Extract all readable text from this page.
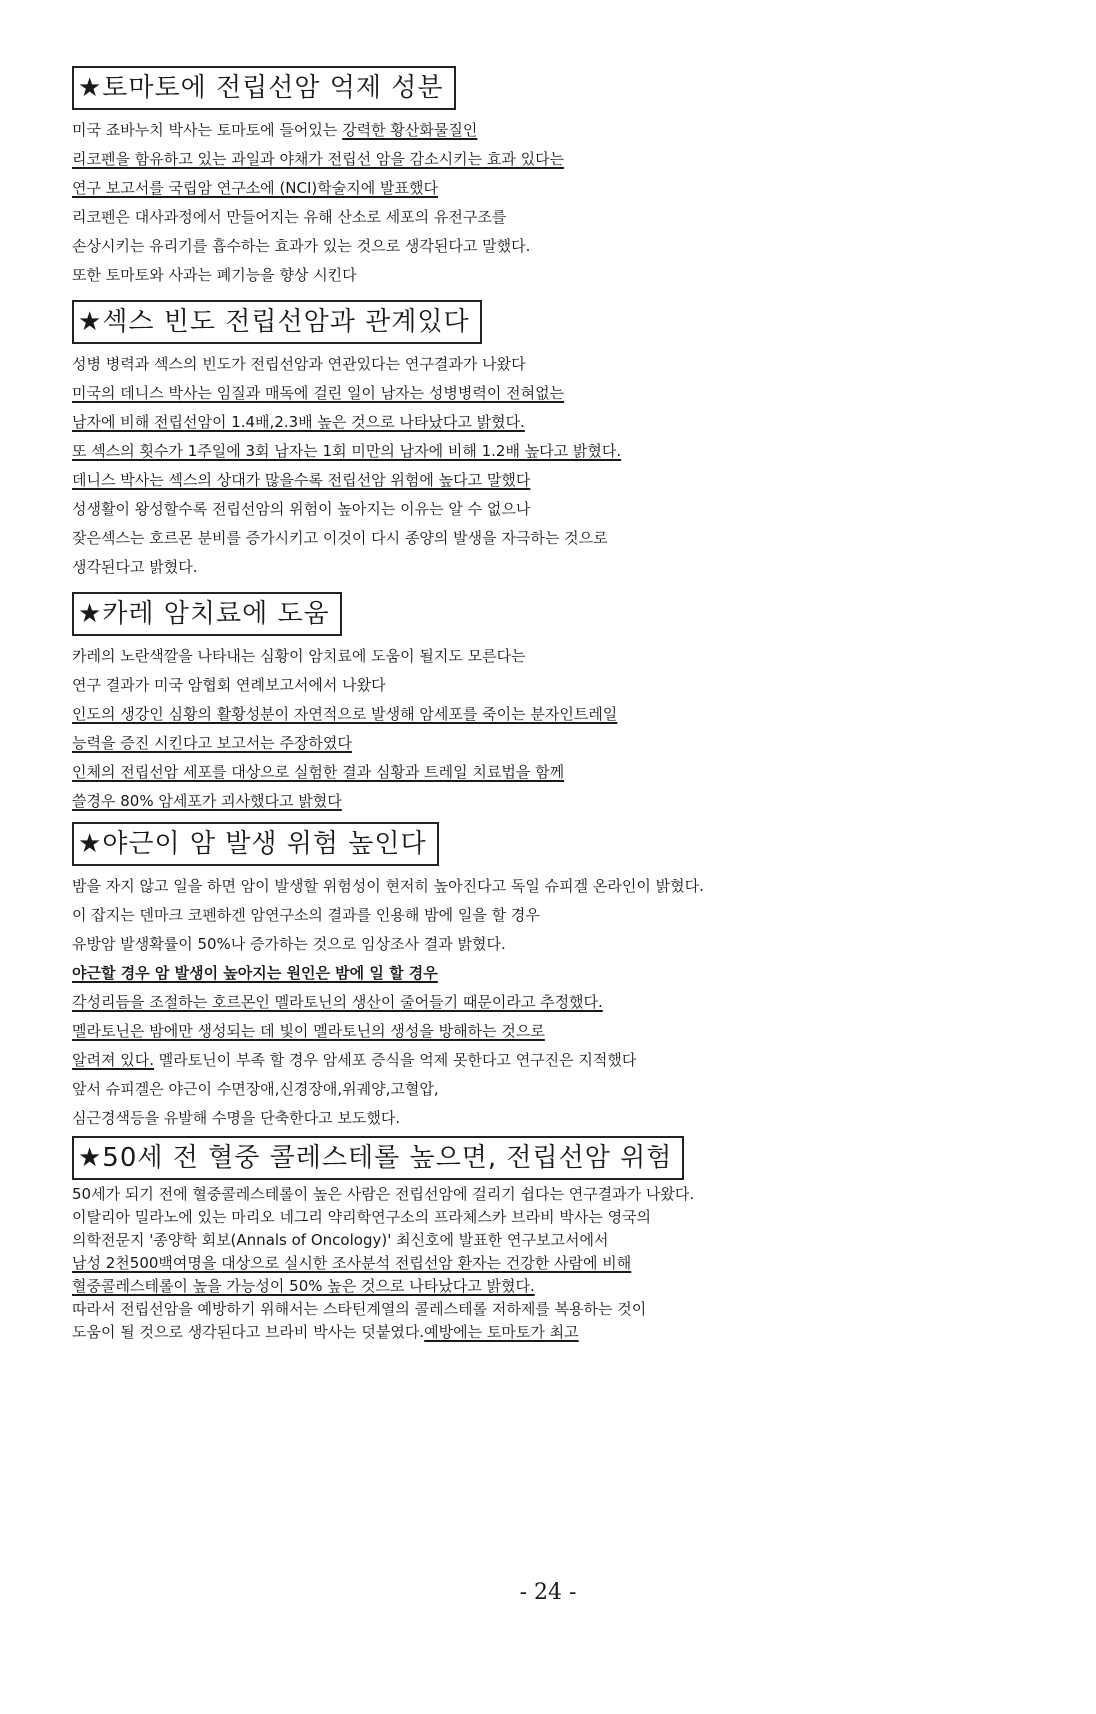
★토마토에 전립선암 억제 성분
미국 죠바누치 박사는 토마토에 들어있는 강력한 황산화물질인
리코펜을 함유하고 있는 과일과 야채가 전립선 암을 감소시키는 효과 있다는
연구 보고서를 국립암 연구소에 (NCI)학술지에 발표했다
리코펜은 대사과정에서 만들어지는 유해 산소로 세포의 유전구조를
손상시키는 유리기를 흡수하는 효과가 있는 것으로 생각된다고 말했다.
또한 토마토와 사과는 폐기능을 향상 시킨다
★섹스 빈도 전립선암과 관계있다
성병 병력과 섹스의 빈도가 전립선암과 연관있다는 연구결과가 나왔다
미국의 데니스 박사는 임질과 매독에 걸린 일이 남자는 성병병력이 전혀없는
남자에 비해 전립선암이 1.4배,2.3배 높은 것으로 나타났다고 밝혔다.
또 섹스의 횟수가 1주일에 3회 남자는 1회 미만의 남자에 비해 1.2배 높다고 밝혔다.
데니스 박사는 섹스의 상대가 많을수록 전립선암 위험에 높다고 말했다
성생활이 왕성할수록 전립선암의 위험이 높아지는 이유는 알 수 없으나
잦은섹스는 호르몬 분비를 증가시키고 이것이 다시 종양의 발생을 자극하는 것으로
생각된다고 밝혔다.
★카레 암치료에 도움
카레의 노란색깔을 나타내는 심황이 암치료에 도움이 될지도 모른다는
연구 결과가 미국 암협회 연례보고서에서 나왔다
인도의 생강인 심황의 활황성분이 자연적으로 발생해 암세포를 죽이는 분자인트레일
능력을 증진 시킨다고 보고서는 주장하였다
인체의 전립선암 세포를 대상으로 실험한 결과 심황과 트레일 치료법을 함께
쓸경우 80% 암세포가 괴사했다고 밝혔다
★야근이 암 발생 위험 높인다
밤을 자지 않고 일을 하면 암이 발생할 위험성이 현저히 높아진다고 독일 슈피겔 온라인이 밝혔다.
이 잡지는 덴마크 코펜하겐 암연구소의 결과를 인용해 밤에 일을 할 경우
유방암 발생확률이 50%나 증가하는 것으로 임상조사 결과 밝혔다.
야근할 경우 암 발생이 높아지는 원인은 밤에 일 할 경우
각성리듬을 조절하는 호르몬인 멜라토닌의 생산이 줄어들기 때문이라고 추정했다.
멜라토닌은 밤에만 생성되는 데 빛이 멜라토닌의 생성을 방해하는 것으로
알려져 있다. 멜라토닌이 부족 할 경우 암세포 증식을 억제 못한다고 연구진은 지적했다
앞서 슈피겔은 야근이 수면장애,신경장애,위궤양,고혈압,
심근경색등을 유발해 수명을 단축한다고 보도했다.
★50세 전 혈중 콜레스테롤 높으면, 전립선암 위험
50세가 되기 전에 혈중콜레스테롤이 높은 사람은 전립선암에 걸리기 쉽다는 연구결과가 나왔다.
이탈리아 밀라노에 있는 마리오 네그리 약리학연구소의 프라체스카 브라비 박사는 영국의
의학전문지 '종양학 회보(Annals of Oncology)' 최신호에 발표한 연구보고서에서
남성 2천500백여명을 대상으로 실시한 조사분석 전립선암 환자는 건강한 사람에 비해
혈중콜레스테롤이 높을 가능성이 50% 높은 것으로 나타났다고 밝혔다.
따라서 전립선암을 예방하기 위해서는 스타틴계열의 콜레스테롤 저하제를 복용하는 것이
도움이 될 것으로 생각된다고 브라비 박사는 덧붙였다.예방에는 토마토가 최고
- 24 -
